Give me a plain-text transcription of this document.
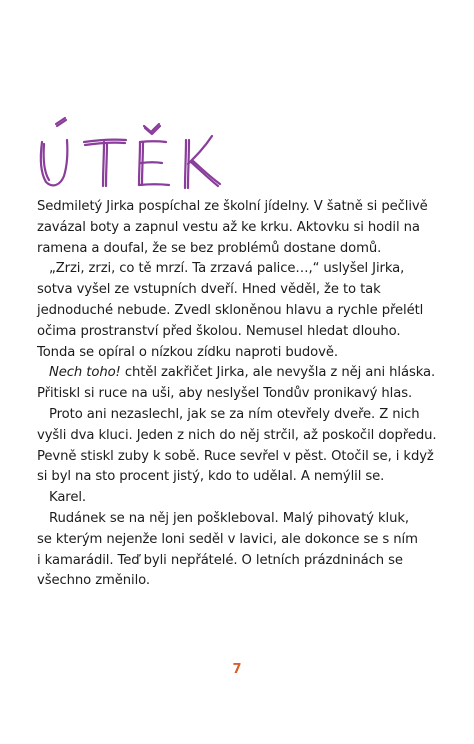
Sedmiletý Jirka pospíchal ze školní jídelny. V šatně si pečlivě
zavázal boty a zapnul vestu až ke krku. Aktovku si hodil na
ramena a doufal, že se bez problémů dostane domů.

„Zrzi, zrzi, co tě mrzí. Ta zrzavá palice…,“ uslyšel Jirka,
sotva vyšel ze vstupních dveří. Hned věděl, že to tak
jednoduché nebude. Zvedl skloněnou hlavu a rychle přelétl
očima prostranství před školou. Nemusel hledat dlouho.
Tonda se opíral o nízkou zídku naproti budově.

Nech toho! chtěl zakřičet Jirka, ale nevyšla z něj ani hláska.
Přitiskl si ruce na uši, aby neslyšel Tondův pronikavý hlas.

Proto ani nezaslechl, jak se za ním otevřely dveře. Z nich
vyšli dva kluci. Jeden z nich do něj strčil, až poskočil dopředu.
Pevně stiskl zuby k sobě. Ruce sevřel v pěst. Otočil se, i když
si byl na sto procent jistý, kdo to udělal. A nemýlil se.

Karel.

Rudánek se na něj jen poškleboval. Malý pihovatý kluk,
se kterým nejenže loni seděl v lavici, ale dokonce se s ním
i kamarádil. Teď byli nepřátelé. O letních prázdninách se
všechno změnilo.

7
